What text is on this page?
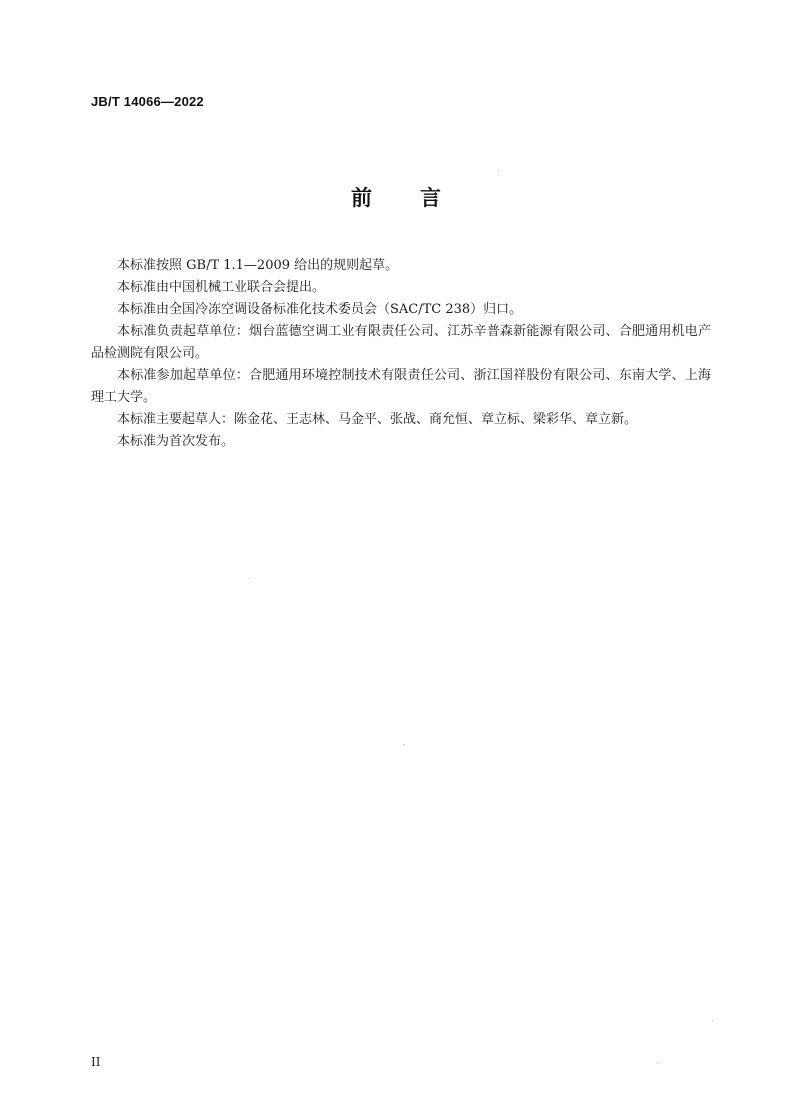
JB/T 14066—2022
前 言

本标准按照 GB/T 1.1—2009 给出的规则起草。

本标准由中国机械工业联合会提出。

本标准由全国冷冻空调设备标准化技术委员会（SAC/TC 238）归口。

本标准负责起草单位：烟台蓝德空调工业有限责任公司、江苏辛普森新能源有限公司、合肥通用机电产品检测院有限公司。

本标准参加起草单位：合肥通用环境控制技术有限责任公司、浙江国祥股份有限公司、东南大学、上海理工大学。

本标准主要起草人：陈金花、王志林、马金平、张战、商允恒、章立标、梁彩华、章立新。

本标准为首次发布。

II
